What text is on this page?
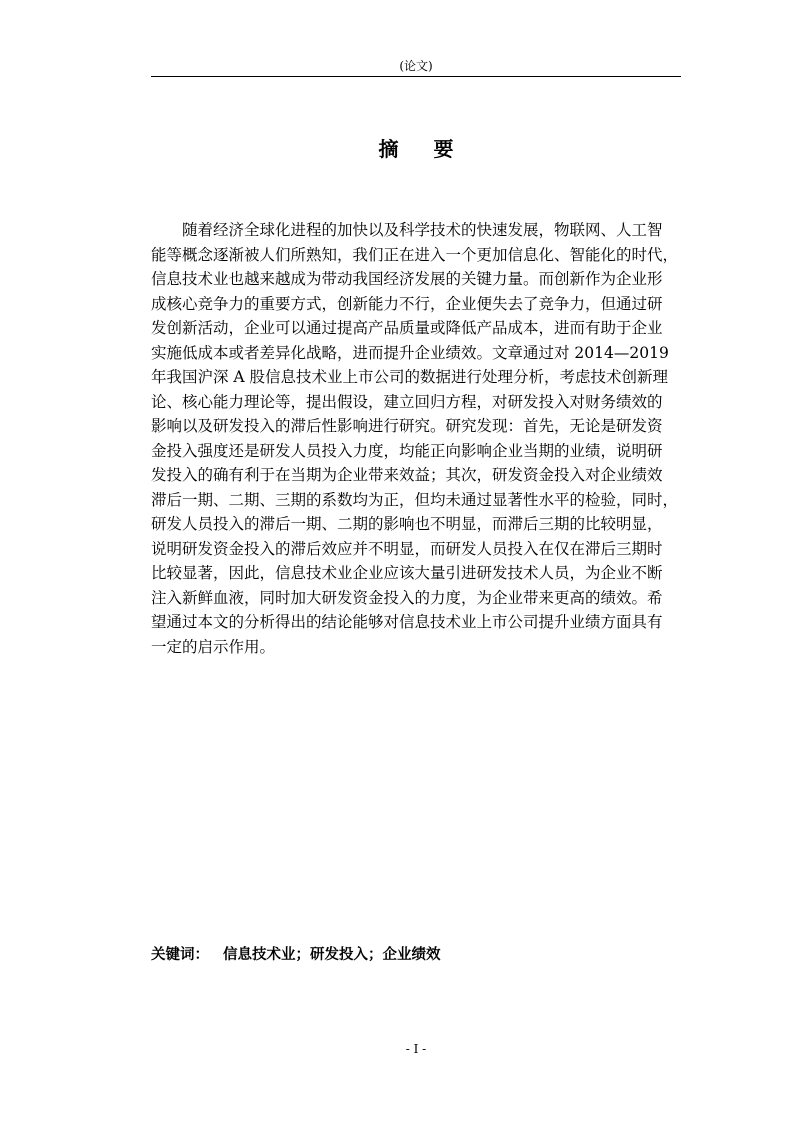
(论文)
摘 要
随着经济全球化进程的加快以及科学技术的快速发展，物联网、人工智
能等概念逐渐被人们所熟知，我们正在进入一个更加信息化、智能化的时代，
信息技术业也越来越成为带动我国经济发展的关键力量。而创新作为企业形
成核心竞争力的重要方式，创新能力不行，企业便失去了竞争力，但通过研
发创新活动，企业可以通过提高产品质量或降低产品成本，进而有助于企业
实施低成本或者差异化战略，进而提升企业绩效。文章通过对 2014—2019
年我国沪深 A 股信息技术业上市公司的数据进行处理分析，考虑技术创新理
论、核心能力理论等，提出假设，建立回归方程，对研发投入对财务绩效的
影响以及研发投入的滞后性影响进行研究。研究发现：首先，无论是研发资
金投入强度还是研发人员投入力度，均能正向影响企业当期的业绩，说明研
发投入的确有利于在当期为企业带来效益；其次，研发资金投入对企业绩效
滞后一期、二期、三期的系数均为正，但均未通过显著性水平的检验，同时，
研发人员投入的滞后一期、二期的影响也不明显，而滞后三期的比较明显，
说明研发资金投入的滞后效应并不明显，而研发人员投入在仅在滞后三期时
比较显著，因此，信息技术业企业应该大量引进研发技术人员，为企业不断
注入新鲜血液，同时加大研发资金投入的力度，为企业带来更高的绩效。希
望通过本文的分析得出的结论能够对信息技术业上市公司提升业绩方面具有
一定的启示作用。
关键词： 信息技术业；研发投入；企业绩效
- I -
